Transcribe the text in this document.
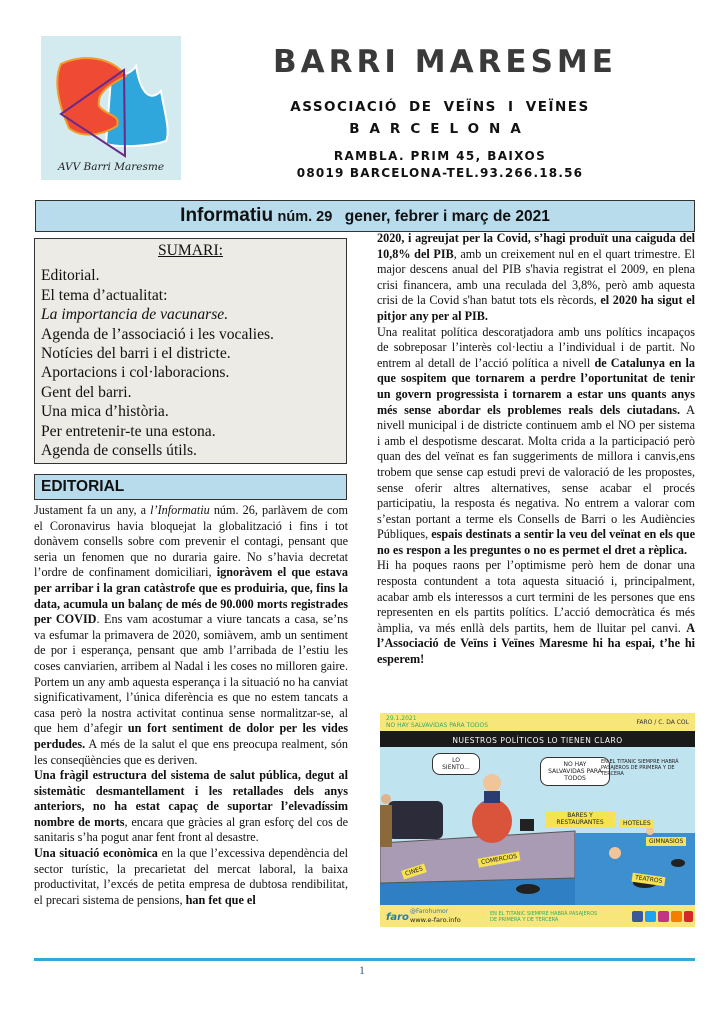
AVV Barri Maresme
BARRI MARESME
ASSOCIACIÓ DE VEÏNS I VEÏNES
BARCELONA
RAMBLA. PRIM 45, BAIXOS
08019 BARCELONA-TEL.93.266.18.56
Informatiu núm. 29 gener, febrer i març de 2021
SUMARI:
Editorial.
El tema d’actualitat:
La importancia de vacunarse.
Agenda de l’associació i les vocalies.
Notícies del barri i el districte.
Aportacions i col·laboracions.
Gent del barri.
Una mica d’història.
Per entretenir-te una estona.
Agenda de consells útils.
EDITORIAL

Justament fa un any, a l’Informatiu núm. 26, parlàvem de com el Coronavirus havia bloquejat la globalització i fins i tot donàvem consells sobre com prevenir el contagi, pensant que seria un fenomen que no duraria gaire. No s’havia decretat l’ordre de confinament domiciliari, ignoràvem el que estava per arribar i la gran catàstrofe que es produiria, que, fins la data, acumula un balanç de més de 90.000 morts registrades per COVID. Ens vam acostumar a viure tancats a casa, se’ns va esfumar la primavera de 2020, somiàvem, amb un sentiment de por i esperança, pensant que amb l’arribada de l’estiu les coses canviarien, arribem al Nadal i les coses no milloren gaire. Portem un any amb aquesta esperança i la situació no ha canviat significativament, l’única diferència es que no estem tancats a casa però la nostra activitat continua sense normalitzar-se, al que hem d’afegir un fort sentiment de dolor per les vides perdudes. A més de la salut el que ens preocupa realment, són les conseqüències que es deriven.

Una fràgil estructura del sistema de salut pública, degut al sistemàtic desmantellament i les retallades dels anys anteriors, no ha estat capaç de suportar l’elevadíssim nombre de morts, encara que gràcies al gran esforç del cos de sanitaris s’ha pogut anar fent front al desastre.

Una situació econòmica en la que l’excessiva dependència del sector turístic, la precarietat del mercat laboral, la baixa productivitat, l’excés de petita empresa de dubtosa rendibilitat, el precari sistema de pensions, han fet que el

2020, i agreujat per la Covid, s’hagi produït una caiguda del 10,8% del PIB, amb un creixement nul en el quart trimestre. El major descens anual del PIB s'havia registrat el 2009, en plena crisi financera, amb una reculada del 3,8%, però amb aquesta crisi de la Covid s'han batut tots els rècords, el 2020 ha sigut el pitjor any per al PIB.

Una realitat política descoratjadora amb uns polítics incapaços de sobreposar l’interès col·lectiu a l’individual i de partit. No entrem al detall de l’acció política a nivell de Catalunya en la que sospitem que tornarem a perdre l’oportunitat de tenir un govern progressista i tornarem a estar uns quants anys més sense abordar els problemes reals dels ciutadans. A nivell municipal i de districte continuem amb el NO per sistema i amb el despotisme descarat. Molta crida a la participació però quan des del veïnat es fan suggeriments de millora i canvis,ens trobem que sense cap estudi previ de valoració de les propostes, sense oferir altres alternatives, sense acabar el procés participatiu, la resposta és negativa. No entrem a valorar com s’estan portant a terme els Consells de Barri o les Audiències Públiques, espais destinats a sentir la veu del veïnat en els que no es respon a les preguntes o no es permet el dret a rèplica.

Hi ha poques raons per l’optimisme però hem de donar una resposta contundent a tota aquesta situació i, principalment, acabar amb els interessos a curt termini de les persones que ens representen en els partits polítics. L’acció democràtica és més àmplia, va més enllà dels partits, hem de lluitar pel canvi. A l’Associació de Veïns i Veïnes Maresme hi ha espai, t’he hi esperem!

29.1.2021
NO HAY SALVAVIDAS PARA TODOS	FARO / C. DA COL
NUESTROS POLÍTICOS LO TIENEN CLARO
LO SIENTO...	NO HAY SALVAVIDAS PARA TODOS
EN EL TITANIC SIEMPRE HABRÁ PASAJEROS DE PRIMERA Y DE TERCERA
BARES Y RESTAURANTES	HOTELES
GIMNASIOS
CINES
COMERCIOS
TEATROS
faro
@Farohumor
www.e-faro.info
EN EL TITANIC SIEMPRE HABRÁ PASAJEROS DE PRIMERA Y DE TERCERA
1
